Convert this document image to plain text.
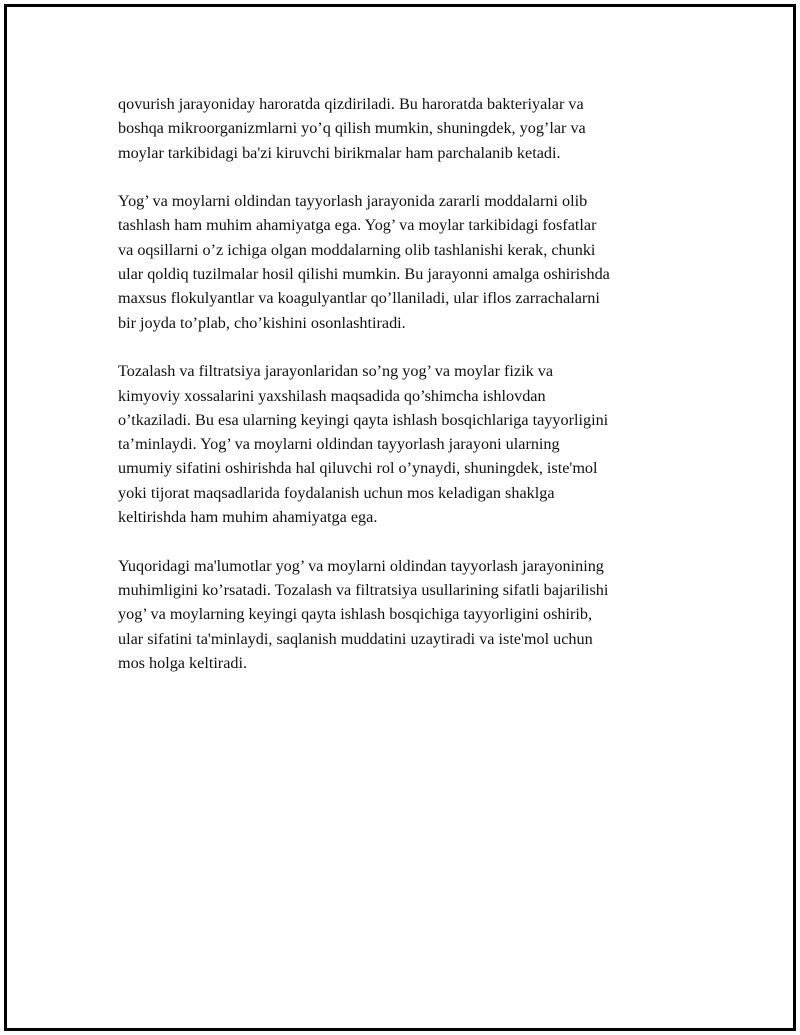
qovurish jarayoniday haroratda qizdiriladi. Bu haroratda bakteriyalar va
boshqa mikroorganizmlarni yo’q qilish mumkin, shuningdek, yog’lar va
moylar tarkibidagi ba'zi kiruvchi birikmalar ham parchalanib ketadi.

Yog’ va moylarni oldindan tayyorlash jarayonida zararli moddalarni olib
tashlash ham muhim ahamiyatga ega. Yog’ va moylar tarkibidagi fosfatlar
va oqsillarni o’z ichiga olgan moddalarning olib tashlanishi kerak, chunki
ular qoldiq tuzilmalar hosil qilishi mumkin. Bu jarayonni amalga oshirishda
maxsus flokulyantlar va koagulyantlar qo’llaniladi, ular iflos zarrachalarni
bir joyda to’plab, cho’kishini osonlashtiradi.

Tozalash va filtratsiya jarayonlaridan so’ng yog’ va moylar fizik va
kimyoviy xossalarini yaxshilash maqsadida qo’shimcha ishlovdan
o’tkaziladi. Bu esa ularning keyingi qayta ishlash bosqichlariga tayyorligini
ta’minlaydi. Yog’ va moylarni oldindan tayyorlash jarayoni ularning
umumiy sifatini oshirishda hal qiluvchi rol o’ynaydi, shuningdek, iste'mol
yoki tijorat maqsadlarida foydalanish uchun mos keladigan shaklga
keltirishda ham muhim ahamiyatga ega.

Yuqoridagi ma'lumotlar yog’ va moylarni oldindan tayyorlash jarayonining
muhimligini ko’rsatadi. Tozalash va filtratsiya usullarining sifatli bajarilishi
yog’ va moylarning keyingi qayta ishlash bosqichiga tayyorligini oshirib,
ular sifatini ta'minlaydi, saqlanish muddatini uzaytiradi va iste'mol uchun
mos holga keltiradi.
